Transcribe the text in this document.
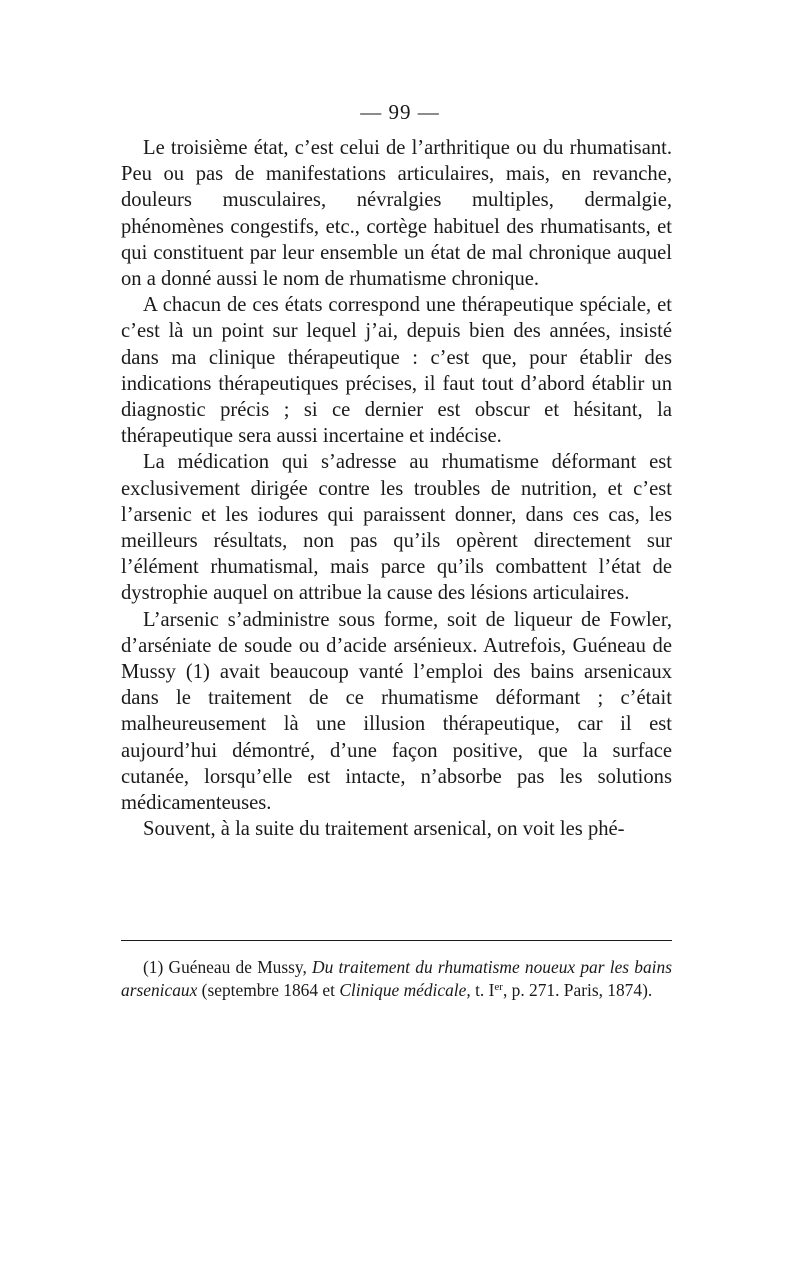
— 99 —

Le troisième état, c’est celui de l’arthritique ou du rhumatisant. Peu ou pas de manifestations articulaires, mais, en revanche, douleurs musculaires, névralgies multiples, dermalgie, phénomènes congestifs, etc., cortège habituel des rhumatisants, et qui constituent par leur ensemble un état de mal chronique auquel on a donné aussi le nom de rhumatisme chronique.

A chacun de ces états correspond une thérapeutique spéciale, et c’est là un point sur lequel j’ai, depuis bien des années, insisté dans ma clinique thérapeutique : c’est que, pour établir des indications thérapeutiques précises, il faut tout d’abord établir un diagnostic précis ; si ce dernier est obscur et hésitant, la thérapeutique sera aussi incertaine et indécise.

La médication qui s’adresse au rhumatisme déformant est exclusivement dirigée contre les troubles de nutrition, et c’est l’arsenic et les iodures qui paraissent donner, dans ces cas, les meilleurs résultats, non pas qu’ils opèrent directement sur l’élément rhumatismal, mais parce qu’ils combattent l’état de dystrophie auquel on attribue la cause des lésions articulaires.

L’arsenic s’administre sous forme, soit de liqueur de Fowler, d’arséniate de soude ou d’acide arsénieux. Autrefois, Guéneau de Mussy (1) avait beaucoup vanté l’emploi des bains arsenicaux dans le traitement de ce rhumatisme déformant ; c’était malheureusement là une illusion thérapeutique, car il est aujourd’hui démontré, d’une façon positive, que la surface cutanée, lorsqu’elle est intacte, n’absorbe pas les solutions médicamenteuses.

Souvent, à la suite du traitement arsenical, on voit les phé-

(1) Guéneau de Mussy, Du traitement du rhumatisme noueux par les bains arsenicaux (septembre 1864 et Clinique médicale, t. Ier, p. 271. Paris, 1874).
